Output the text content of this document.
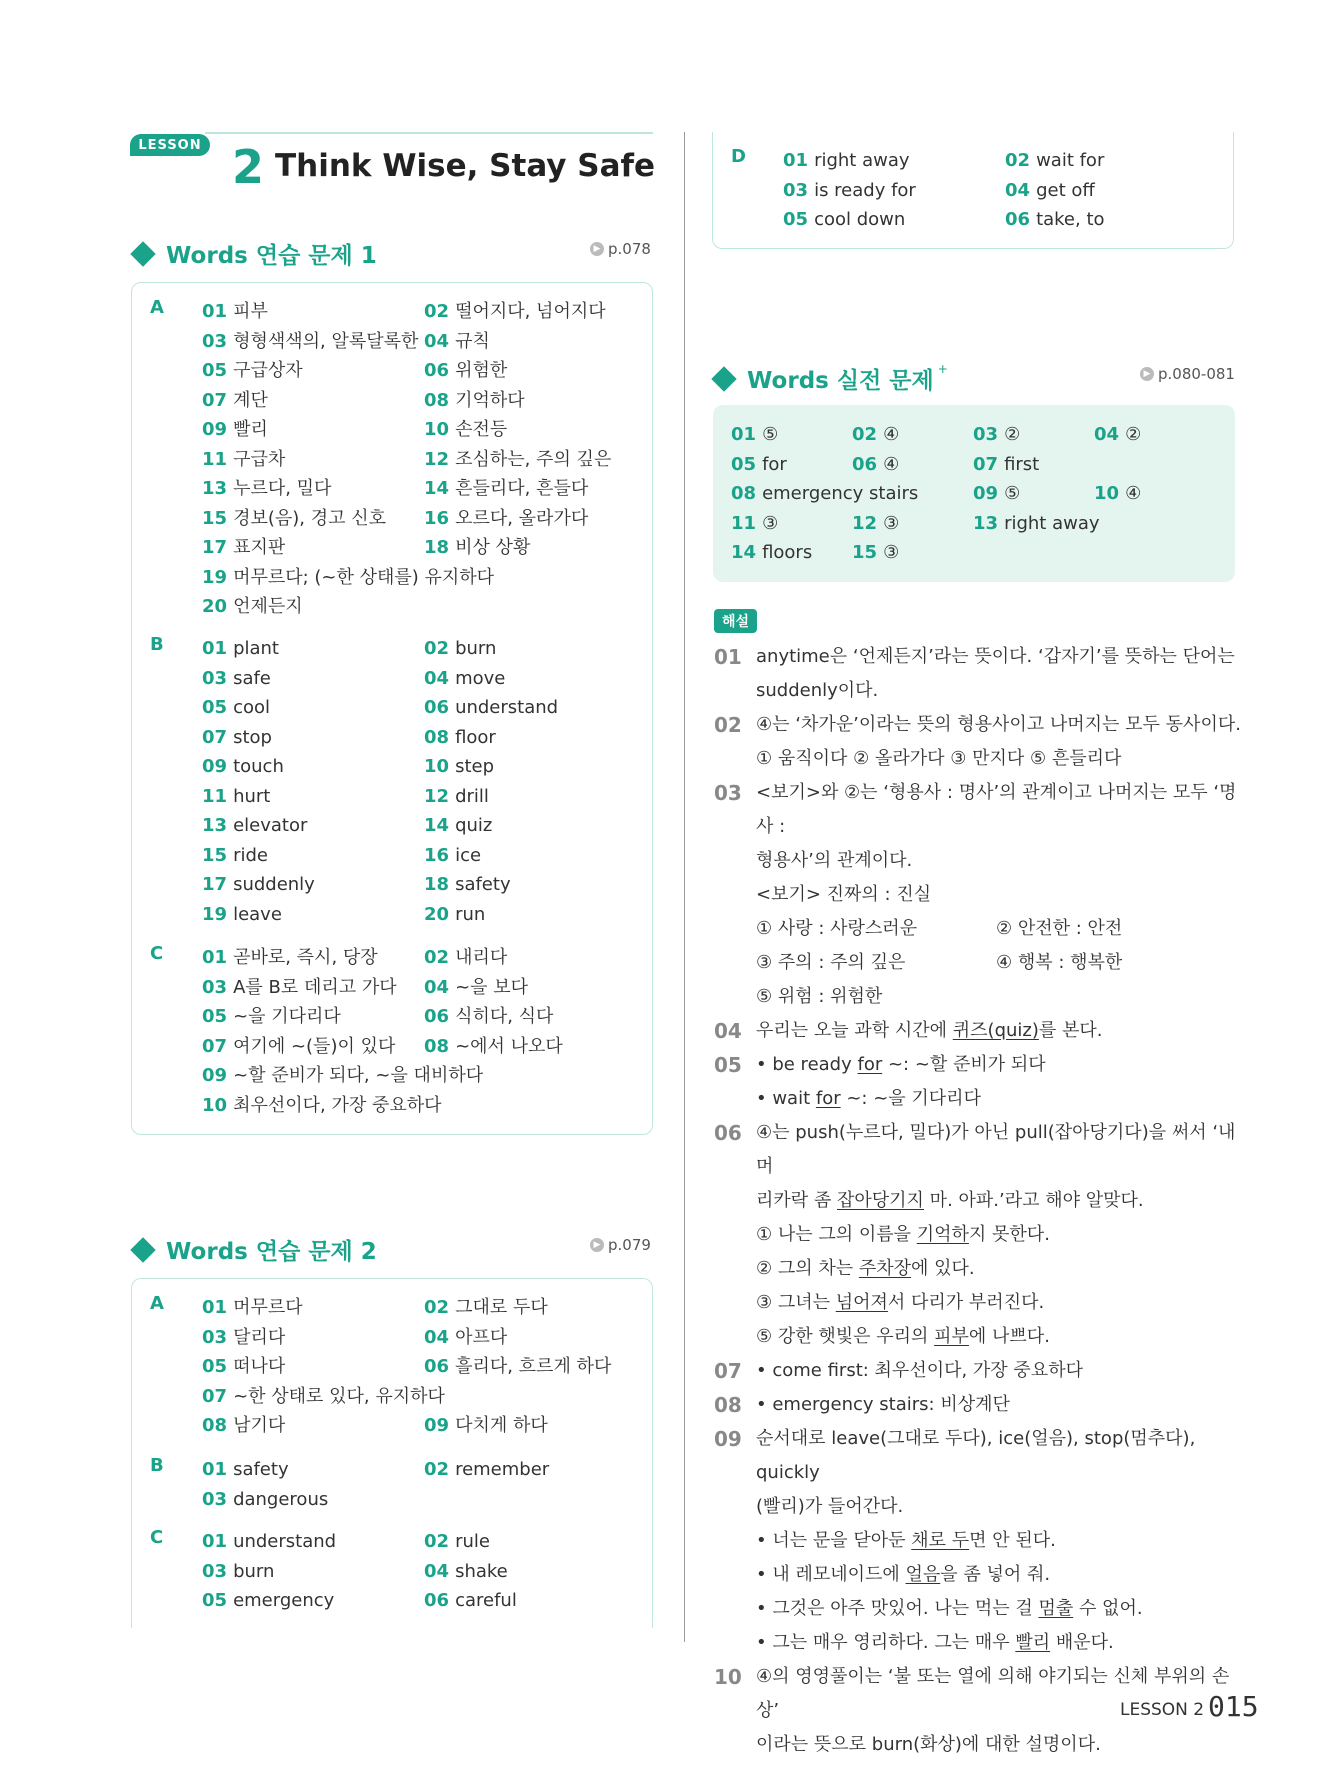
LESSON 2 Think Wise, Stay Safe
Words 연습 문제 1	▶ p.078
A 01 피부	02 떨어지다, 넘어지다
03 형형색색의, 알록달록한 04 규칙
05 구급상자	06 위험한
07 계단	08 기억하다
09 빨리	10 손전등
11 구급차	12 조심하는, 주의 깊은
13 누르다, 밀다	14 흔들리다, 흔들다
15 경보(음), 경고 신호	16 오르다, 올라가다
17 표지판	18 비상 상황
19 머무르다; (~한 상태를) 유지하다
20 언제든지
B 01 plant	02 burn
03 safe	04 move
05 cool	06 understand
07 stop	08 floor
09 touch	10 step
11 hurt	12 drill
13 elevator	14 quiz
15 ride	16 ice
17 suddenly	18 safety
19 leave	20 run
C 01 곧바로, 즉시, 당장	02 내리다
03 A를 B로 데리고 가다	04 ~을 보다
05 ~을 기다리다	06 식히다, 식다
07 여기에 ~(들)이 있다	08 ~에서 나오다
09 ~할 준비가 되다, ~을 대비하다
10 최우선이다, 가장 중요하다
Words 연습 문제 2	▶ p.079
A 01 머무르다	02 그대로 두다
03 달리다	04 아프다
05 떠나다	06 흘리다, 흐르게 하다
07 ~한 상태로 있다, 유지하다
08 남기다	09 다치게 하다
B 01 safety	02 remember
03 dangerous
C 01 understand	02 rule
03 burn	04 shake
05 emergency	06 careful
D 01 right away	02 wait for
03 is ready for	04 get off
05 cool down	06 take, to
Words 실전 문제 +	▶ p.080-081
01 ⑤	02 ④	03 ②	04 ②
05 for	06 ④	07 first
08 emergency stairs	09 ⑤	10 ④
11 ③	12 ③	13 right away
14 floors	15 ③
해설
01 anytime은 ‘언제든지’라는 뜻이다. ‘갑자기’를 뜻하는 단어는
suddenly이다.
02 ④는 ‘차가운’이라는 뜻의 형용사이고 나머지는 모두 동사이다.
① 움직이다 ② 올라가다 ③ 만지다 ⑤ 흔들리다
03 <보기>와 ②는 ‘형용사 : 명사’의 관계이고 나머지는 모두 ‘명사 :
형용사’의 관계이다.
<보기> 진짜의 : 진실
① 사랑 : 사랑스러운	② 안전한 : 안전
③ 주의 : 주의 깊은	④ 행복 : 행복한
⑤ 위험 : 위험한
04 우리는 오늘 과학 시간에 퀴즈(quiz)를 본다.
05 • be ready for ~: ~할 준비가 되다
• wait for ~: ~을 기다리다
06 ④는 push(누르다, 밀다)가 아닌 pull(잡아당기다)을 써서 ‘내 머
리카락 좀 잡아당기지 마. 아파.’라고 해야 알맞다.
① 나는 그의 이름을 기억하지 못한다.
② 그의 차는 주차장에 있다.
③ 그녀는 넘어져서 다리가 부러진다.
⑤ 강한 햇빛은 우리의 피부에 나쁘다.
07 • come first: 최우선이다, 가장 중요하다
08 • emergency stairs: 비상계단
09 순서대로 leave(그대로 두다), ice(얼음), stop(멈추다), quickly
(빨리)가 들어간다.
• 너는 문을 닫아둔 채로 두면 안 된다.
• 내 레모네이드에 얼음을 좀 넣어 줘.
• 그것은 아주 맛있어. 나는 먹는 걸 멈출 수 없어.
• 그는 매우 영리하다. 그는 매우 빨리 배운다.
10 ④의 영영풀이는 ‘불 또는 열에 의해 야기되는 신체 부위의 손상’
이라는 뜻으로 burn(화상)에 대한 설명이다.
LESSON 2 015
